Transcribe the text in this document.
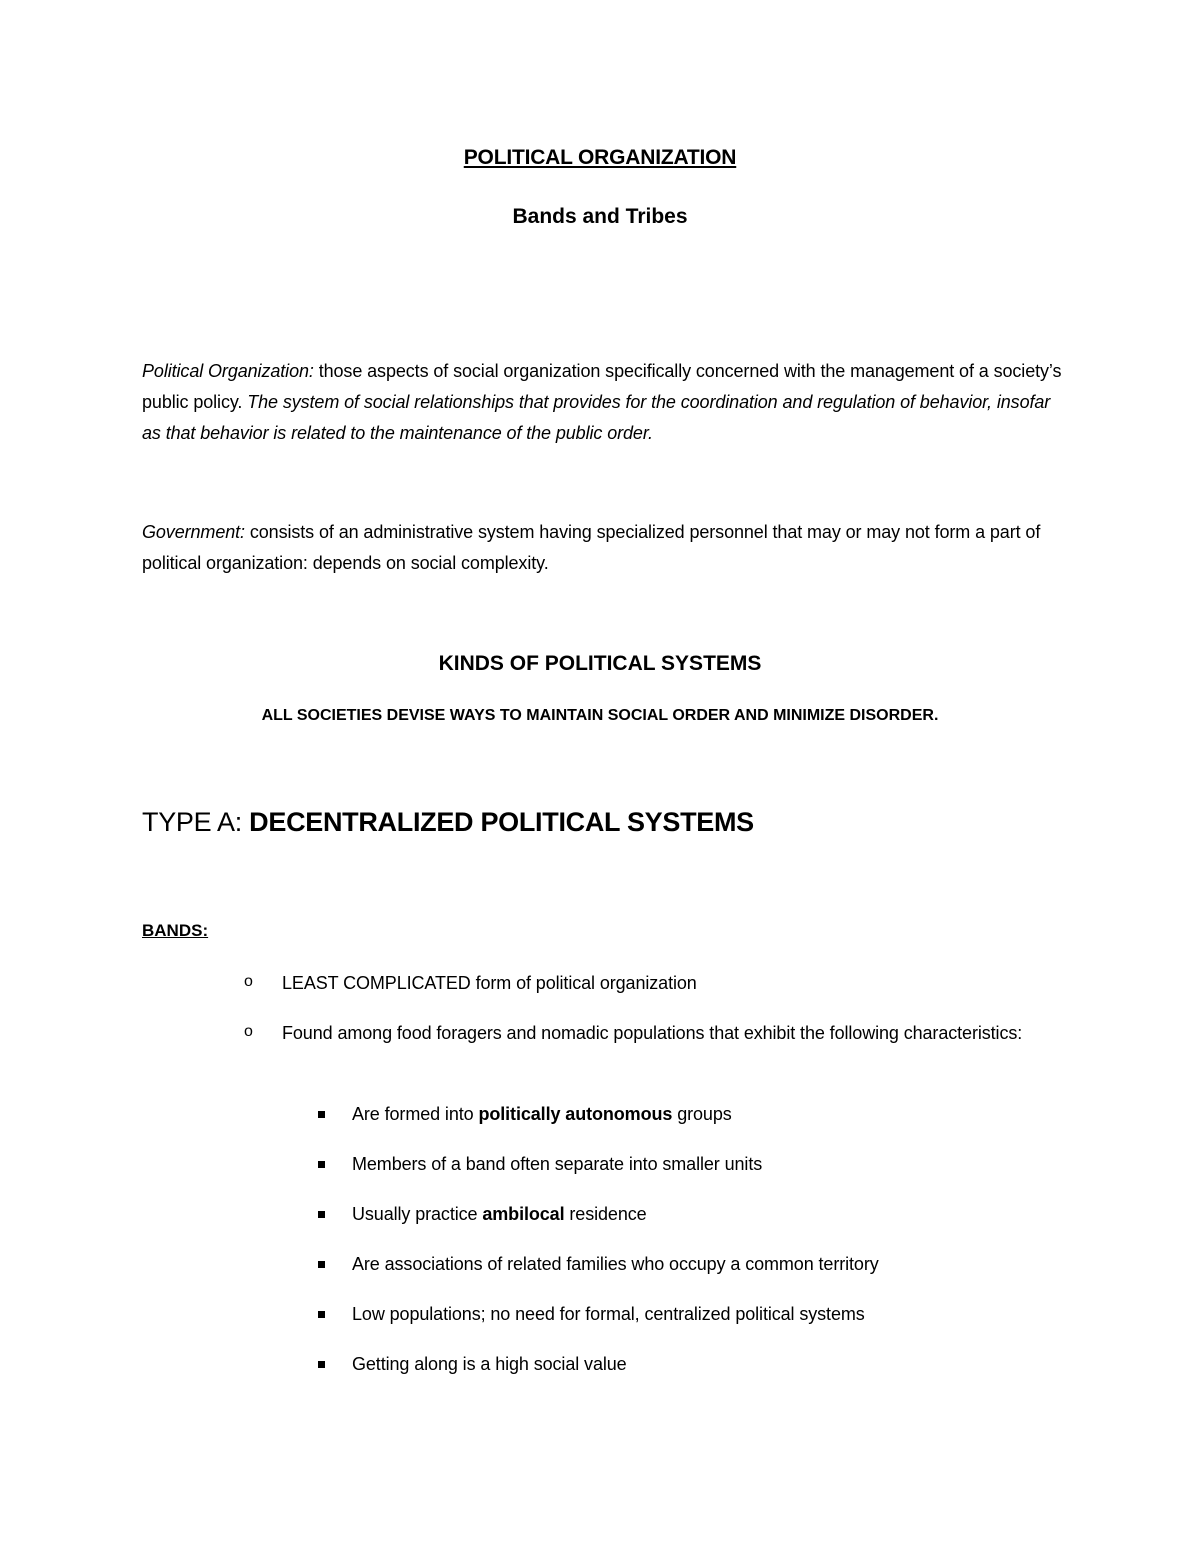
POLITICAL ORGANIZATION
Bands and Tribes
Political Organization: those aspects of social organization specifically concerned with the management of a society’s public policy. The system of social relationships that provides for the coordination and regulation of behavior, insofar as that behavior is related to the maintenance of the public order.
Government: consists of an administrative system having specialized personnel that may or may not form a part of political organization: depends on social complexity.
KINDS OF POLITICAL SYSTEMS
ALL SOCIETIES DEVISE WAYS TO MAINTAIN SOCIAL ORDER AND MINIMIZE DISORDER.
TYPE A: DECENTRALIZED POLITICAL SYSTEMS
BANDS:
o LEAST COMPLICATED form of political organization
o Found among food foragers and nomadic populations that exhibit the following characteristics:
Are formed into politically autonomous groups
Members of a band often separate into smaller units
Usually practice ambilocal residence
Are associations of related families who occupy a common territory
Low populations; no need for formal, centralized political systems
Getting along is a high social value
